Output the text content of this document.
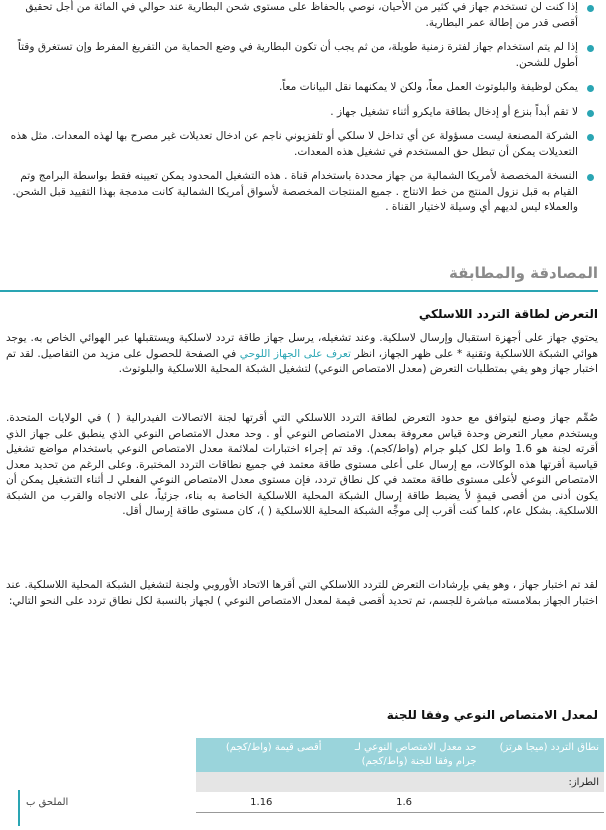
إذا كنت لن تستخدم جهاز في كثير من الأحيان، نوصي بالحفاظ على مستوى شحن البطارية عند حوالي في المائة من أجل تحقيق أقصى قدر من إطالة عمر البطارية.
إذا لم يتم استخدام جهاز لفترة زمنية طويلة، من ثم يجب أن تكون البطارية في وضع الحماية من التفريغ المفرط وإن تستغرق وقتاً أطول للشحن.
يمكن لوظيفة والبلوتوث العمل معاً، ولكن لا يمكنهما نقل البيانات معاً.
لا تقم أبداً بنزع أو إدخال بطاقة مايكرو أثناء تشغيل جهاز .
الشركة المصنعة ليست مسؤولة عن أي تداخل لا سلكي أو تلفزيوني ناجم عن ادخال تعديلات غير مصرح بها لهذه المعدات. مثل هذه التعديلات يمكن أن تبطل حق المستخدم في تشغيل هذه المعدات.
النسخة المخصصة لأمريكا الشمالية من جهاز محددة باستخدام قناة . هذه التشغيل المحدود يمكن تعيينه فقط بواسطة البرامج وتم القيام به قبل نزول المنتج من خط الانتاج . جميع المنتجات المخصصة لأسواق أمريكا الشمالية كانت مدمجة بهذا التقييد قبل الشحن. والعملاء ليس لديهم أي وسيلة لاختيار القناة .
المصادقة والمطابقة
التعرض لطاقة التردد اللاسلكي
يحتوي جهاز على أجهزة استقبال وإرسال لاسلكية. وعند تشغيله، يرسل جهاز طاقة تردد لاسلكية ويستقبلها عبر الهوائي الخاص به. يوجد هوائي الشبكة اللاسلكية وتقنية * على ظهر الجهاز، انظر تعرف على الجهاز اللوحي في الصفحة للحصول على مزيد من التفاصيل. لقد تم اختبار جهاز وهو يفي بمتطلبات التعرض (معدل الامتصاص النوعي) لتشغيل الشبكة المحلية اللاسلكية والبلوتوث.
صُمِّم جهاز وصنع ليتوافق مع حدود التعرض لطاقة التردد اللاسلكي التي أقرتها لجنة الاتصالات الفيدرالية ( ) في الولايات المتحدة. ويستخدم معيار التعرض وحدة قياس معروفة بمعدل الامتصاص النوعي أو . وحد معدل الامتصاص النوعي الذي ينطبق على جهاز الذي أقرته لجنة هو 1.6 واط لكل كيلو جرام (واط/كجم). وقد تم إجراء اختبارات لملائمة معدل الامتصاص النوعي باستخدام مواضع تشغيل قياسية أقرتها هذه الوكالات، مع إرسال على أعلى مستوى طاقة معتمد في جميع نطاقات التردد المختبرة. وعلى الرغم من تحديد معدل الامتصاص النوعي لأعلى مستوى طاقة معتمد في كل نطاق تردد، فإن مستوى معدل الامتصاص النوعي الفعلي لـ أثناء التشغيل يمكن أن يكون أدنى من أقصى قيمةٍ لأ يضبط طاقة إرسال الشبكة المحلية اللاسلكية الخاصة به بناء، جزئياً، على الاتجاه والقرب من الشبكة اللاسلكية. بشكل عام، كلما كنت أقرب إلى موجِّه الشبكة المحلية اللاسلكية ( )، كان مستوى طاقة إرسال أقل.
لقد تم اختبار جهاز ، وهو يفي بإرشادات التعرض للتردد اللاسلكي التي أقرها الاتحاد الأوروبي ولجنة لتشغيل الشبكة المحلية اللاسلكية. عند اختبار الجهاز بملامسته مباشرة للجسم، تم تحديد أقصى قيمة لمعدل الامتصاص النوعي ) لجهاز بالنسبة لكل نطاق تردد على النحو التالي:
لمعدل الامتصاص النوعي وفقا للجنة
نطاق التردد (ميجا هرتز)	حد معدل الامتصاص النوعي لـ جرام وفقا للجنة (واط/كجم)	أقصى قيمة (واط/كجم)
الطراز:		
	1.6	1.16
الملحق ب
